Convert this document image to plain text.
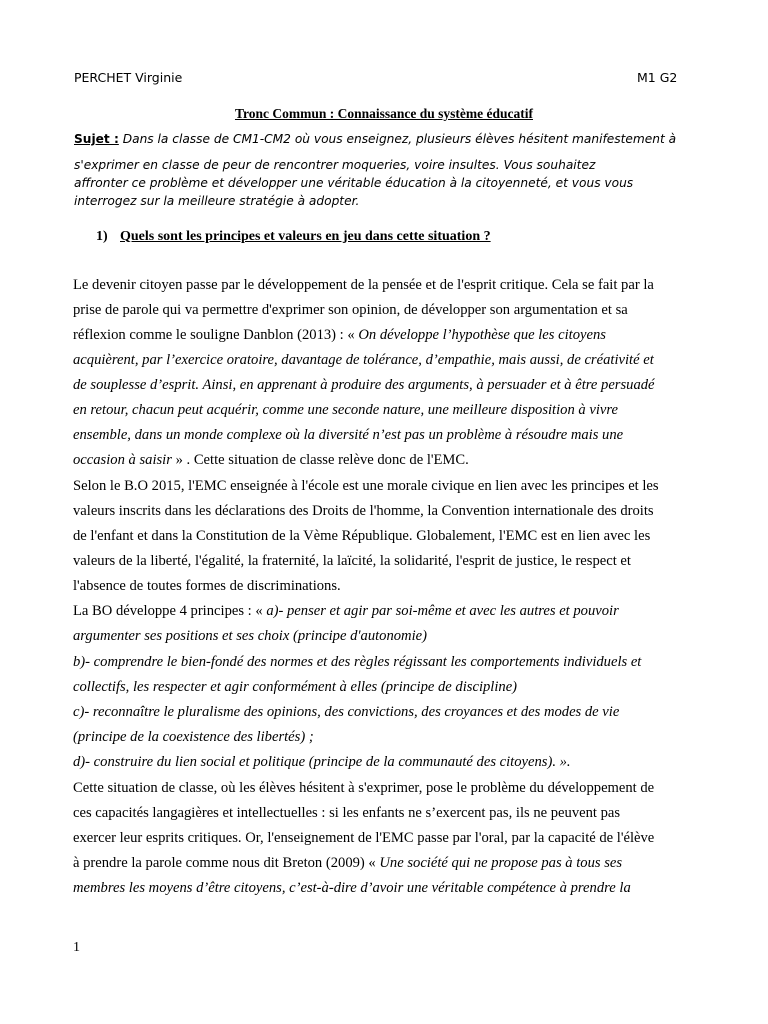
PERCHET Virginie	M1 G2
Tronc Commun : Connaissance du système éducatif
Sujet : Dans la classe de CM1-CM2 où vous enseignez, plusieurs élèves hésitent manifestement à
s'exprimer en classe de peur de rencontrer moqueries, voire insultes. Vous souhaitez
affronter ce problème et développer une véritable éducation à la citoyenneté, et vous vous
interrogez sur la meilleure stratégie à adopter.
1) Quels sont les principes et valeurs en jeu dans cette situation ?
Le devenir citoyen passe par le développement de la pensée et de l'esprit critique. Cela se fait par la
prise de parole qui va permettre d'exprimer son opinion, de développer son argumentation et sa
réflexion comme le souligne Danblon (2013) : « On développe l’hypothèse que les citoyens
acquièrent, par l’exercice oratoire, davantage de tolérance, d’empathie, mais aussi, de créativité et
de souplesse d’esprit. Ainsi, en apprenant à produire des arguments, à persuader et à être persuadé
en retour, chacun peut acquérir, comme une seconde nature, une meilleure disposition à vivre
ensemble, dans un monde complexe où la diversité n’est pas un problème à résoudre mais une
occasion à saisir » . Cette situation de classe relève donc de l'EMC.
Selon le B.O 2015, l'EMC enseignée à l'école est une morale civique en lien avec les principes et les
valeurs inscrits dans les déclarations des Droits de l'homme, la Convention internationale des droits
de l'enfant et dans la Constitution de la Vème République. Globalement, l'EMC est en lien avec les
valeurs de la liberté, l'égalité, la fraternité, la laïcité, la solidarité, l'esprit de justice, le respect et
l'absence de toutes formes de discriminations.
La BO développe 4 principes : « a)- penser et agir par soi-même et avec les autres et pouvoir
argumenter ses positions et ses choix (principe d'autonomie)
b)- comprendre le bien-fondé des normes et des règles régissant les comportements individuels et
collectifs, les respecter et agir conformément à elles (principe de discipline)
c)- reconnaître le pluralisme des opinions, des convictions, des croyances et des modes de vie
(principe de la coexistence des libertés) ;
d)- construire du lien social et politique (principe de la communauté des citoyens). ».
Cette situation de classe, où les élèves hésitent à s'exprimer, pose le problème du développement de
ces capacités langagières et intellectuelles : si les enfants ne s’exercent pas, ils ne peuvent pas
exercer leur esprits critiques. Or, l'enseignement de l'EMC passe par l'oral, par la capacité de l'élève
à prendre la parole comme nous dit Breton (2009) « Une société qui ne propose pas à tous ses
membres les moyens d’être citoyens, c’est-à-dire d’avoir une véritable compétence à prendre la
1
